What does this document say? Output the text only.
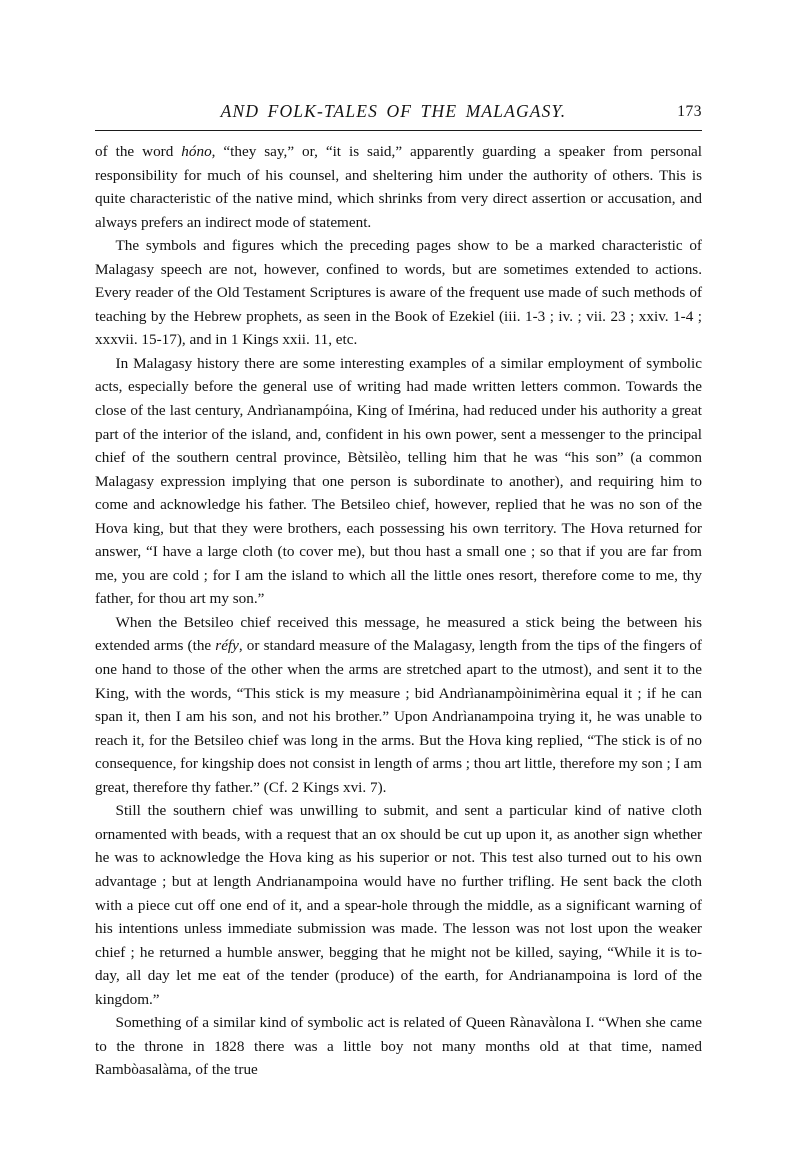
AND FOLK-TALES OF THE MALAGASY.	173

of the word hóno, “they say,” or, “it is said,” apparently guarding a speaker from personal responsibility for much of his counsel, and sheltering him under the authority of others. This is quite characteristic of the native mind, which shrinks from very direct assertion or accusation, and always prefers an indirect mode of statement.

The symbols and figures which the preceding pages show to be a marked characteristic of Malagasy speech are not, however, confined to words, but are sometimes extended to actions. Every reader of the Old Testament Scriptures is aware of the frequent use made of such methods of teaching by the Hebrew prophets, as seen in the Book of Ezekiel (iii. 1-3 ; iv. ; vii. 23 ; xxiv. 1-4 ; xxxvii. 15-17), and in 1 Kings xxii. 11, etc.

In Malagasy history there are some interesting examples of a similar employment of symbolic acts, especially before the general use of writing had made written letters common. Towards the close of the last century, Andrìanampóina, King of Imérina, had reduced under his authority a great part of the interior of the island, and, confident in his own power, sent a messenger to the principal chief of the southern central province, Bètsilèo, telling him that he was “his son” (a common Malagasy expression implying that one person is subordinate to another), and requiring him to come and acknowledge his father. The Betsileo chief, however, replied that he was no son of the Hova king, but that they were brothers, each possessing his own territory. The Hova returned for answer, “I have a large cloth (to cover me), but thou hast a small one ; so that if you are far from me, you are cold ; for I am the island to which all the little ones resort, therefore come to me, thy father, for thou art my son.”

When the Betsileo chief received this message, he measured a stick being the between his extended arms (the réfy, or standard measure of the Malagasy, length from the tips of the fingers of one hand to those of the other when the arms are stretched apart to the utmost), and sent it to the King, with the words, “This stick is my measure ; bid Andrìanampòinimèrina equal it ; if he can span it, then I am his son, and not his brother.” Upon Andrìanampoina trying it, he was unable to reach it, for the Betsileo chief was long in the arms. But the Hova king replied, “The stick is of no consequence, for kingship does not consist in length of arms ; thou art little, therefore my son ; I am great, therefore thy father.” (Cf. 2 Kings xvi. 7).

Still the southern chief was unwilling to submit, and sent a particular kind of native cloth ornamented with beads, with a request that an ox should be cut up upon it, as another sign whether he was to acknowledge the Hova king as his superior or not. This test also turned out to his own advantage ; but at length Andrianampoina would have no further trifling. He sent back the cloth with a piece cut off one end of it, and a spear-hole through the middle, as a significant warning of his intentions unless immediate submission was made. The lesson was not lost upon the weaker chief ; he returned a humble answer, begging that he might not be killed, saying, “While it is to-day, all day let me eat of the tender (produce) of the earth, for Andrianampoina is lord of the kingdom.”

Something of a similar kind of symbolic act is related of Queen Rànavàlona I. “When she came to the throne in 1828 there was a little boy not many months old at that time, named Rambòasalàma, of the true
